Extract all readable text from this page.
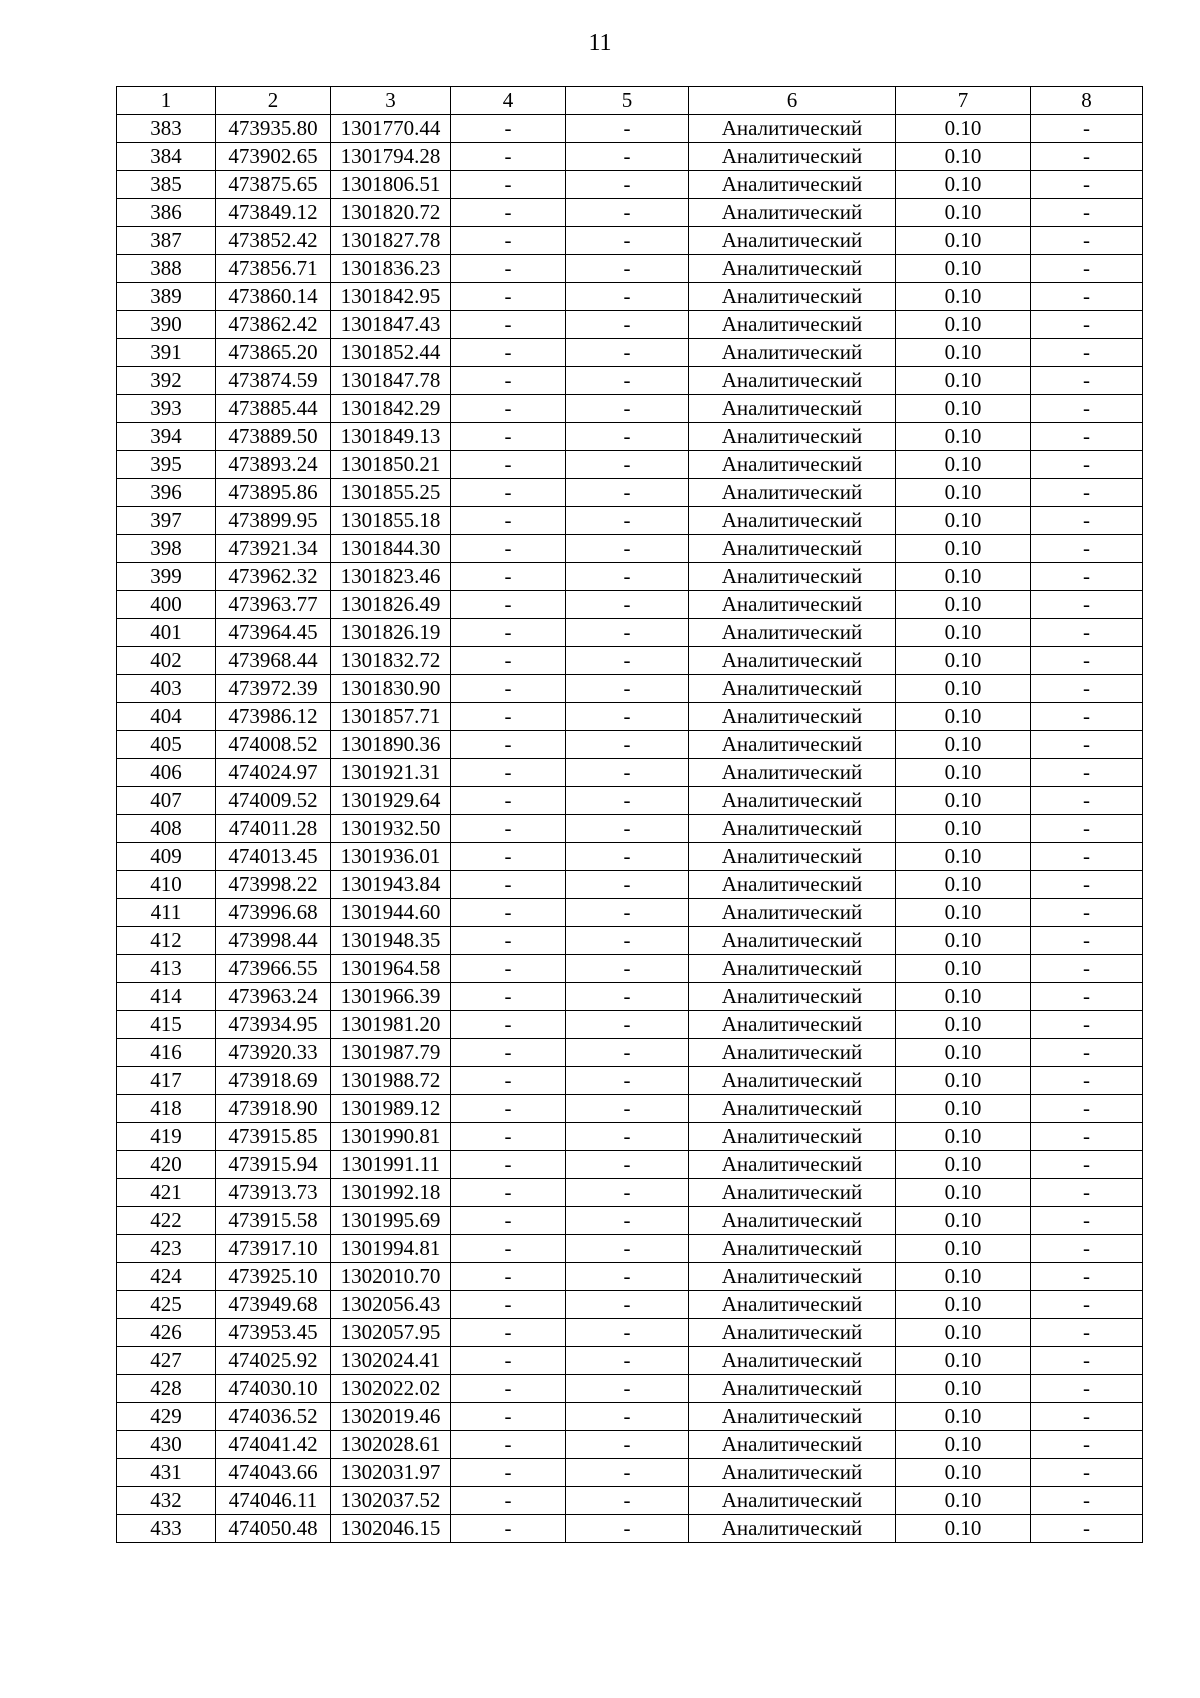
11
1	2	3	4	5	6	7	8
383	473935.80	1301770.44	-	-	Аналитический	0.10	-
384	473902.65	1301794.28	-	-	Аналитический	0.10	-
385	473875.65	1301806.51	-	-	Аналитический	0.10	-
386	473849.12	1301820.72	-	-	Аналитический	0.10	-
387	473852.42	1301827.78	-	-	Аналитический	0.10	-
388	473856.71	1301836.23	-	-	Аналитический	0.10	-
389	473860.14	1301842.95	-	-	Аналитический	0.10	-
390	473862.42	1301847.43	-	-	Аналитический	0.10	-
391	473865.20	1301852.44	-	-	Аналитический	0.10	-
392	473874.59	1301847.78	-	-	Аналитический	0.10	-
393	473885.44	1301842.29	-	-	Аналитический	0.10	-
394	473889.50	1301849.13	-	-	Аналитический	0.10	-
395	473893.24	1301850.21	-	-	Аналитический	0.10	-
396	473895.86	1301855.25	-	-	Аналитический	0.10	-
397	473899.95	1301855.18	-	-	Аналитический	0.10	-
398	473921.34	1301844.30	-	-	Аналитический	0.10	-
399	473962.32	1301823.46	-	-	Аналитический	0.10	-
400	473963.77	1301826.49	-	-	Аналитический	0.10	-
401	473964.45	1301826.19	-	-	Аналитический	0.10	-
402	473968.44	1301832.72	-	-	Аналитический	0.10	-
403	473972.39	1301830.90	-	-	Аналитический	0.10	-
404	473986.12	1301857.71	-	-	Аналитический	0.10	-
405	474008.52	1301890.36	-	-	Аналитический	0.10	-
406	474024.97	1301921.31	-	-	Аналитический	0.10	-
407	474009.52	1301929.64	-	-	Аналитический	0.10	-
408	474011.28	1301932.50	-	-	Аналитический	0.10	-
409	474013.45	1301936.01	-	-	Аналитический	0.10	-
410	473998.22	1301943.84	-	-	Аналитический	0.10	-
411	473996.68	1301944.60	-	-	Аналитический	0.10	-
412	473998.44	1301948.35	-	-	Аналитический	0.10	-
413	473966.55	1301964.58	-	-	Аналитический	0.10	-
414	473963.24	1301966.39	-	-	Аналитический	0.10	-
415	473934.95	1301981.20	-	-	Аналитический	0.10	-
416	473920.33	1301987.79	-	-	Аналитический	0.10	-
417	473918.69	1301988.72	-	-	Аналитический	0.10	-
418	473918.90	1301989.12	-	-	Аналитический	0.10	-
419	473915.85	1301990.81	-	-	Аналитический	0.10	-
420	473915.94	1301991.11	-	-	Аналитический	0.10	-
421	473913.73	1301992.18	-	-	Аналитический	0.10	-
422	473915.58	1301995.69	-	-	Аналитический	0.10	-
423	473917.10	1301994.81	-	-	Аналитический	0.10	-
424	473925.10	1302010.70	-	-	Аналитический	0.10	-
425	473949.68	1302056.43	-	-	Аналитический	0.10	-
426	473953.45	1302057.95	-	-	Аналитический	0.10	-
427	474025.92	1302024.41	-	-	Аналитический	0.10	-
428	474030.10	1302022.02	-	-	Аналитический	0.10	-
429	474036.52	1302019.46	-	-	Аналитический	0.10	-
430	474041.42	1302028.61	-	-	Аналитический	0.10	-
431	474043.66	1302031.97	-	-	Аналитический	0.10	-
432	474046.11	1302037.52	-	-	Аналитический	0.10	-
433	474050.48	1302046.15	-	-	Аналитический	0.10	-
